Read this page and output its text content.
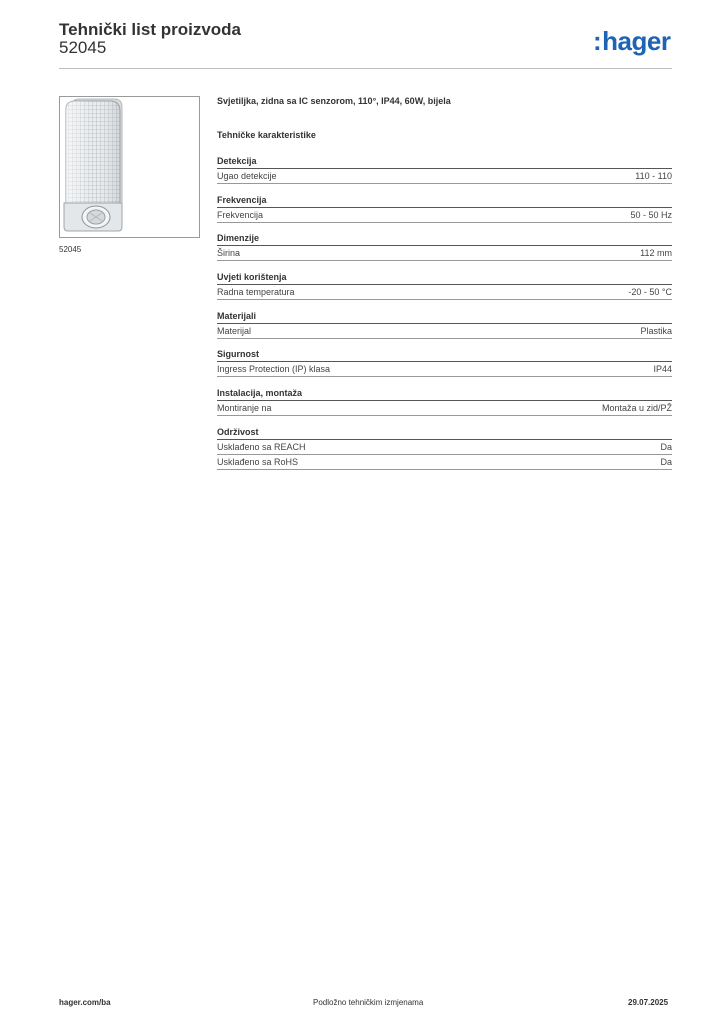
Tehnički list proizvoda
52045	:hager
52045
Svjetiljka, zidna sa IC senzorom, 110°, IP44, 60W, bijela
Tehničke karakteristike
Detekcija
Ugao detekcije	110 - 110
Frekvencija
Frekvencija	50 - 50 Hz
Dimenzije
Širina	112 mm
Uvjeti korištenja
Radna temperatura	-20 - 50 °C
Materijali
Materijal	Plastika
Sigurnost
Ingress Protection (IP) klasa	IP44
Instalacija, montaža
Montiranje na	Montaža u zid/PŽ
Održivost
Usklađeno sa REACH	Da
Usklađeno sa RoHS	Da
hager.com/ba	Podložno tehničkim izmjenama	29.07.2025
